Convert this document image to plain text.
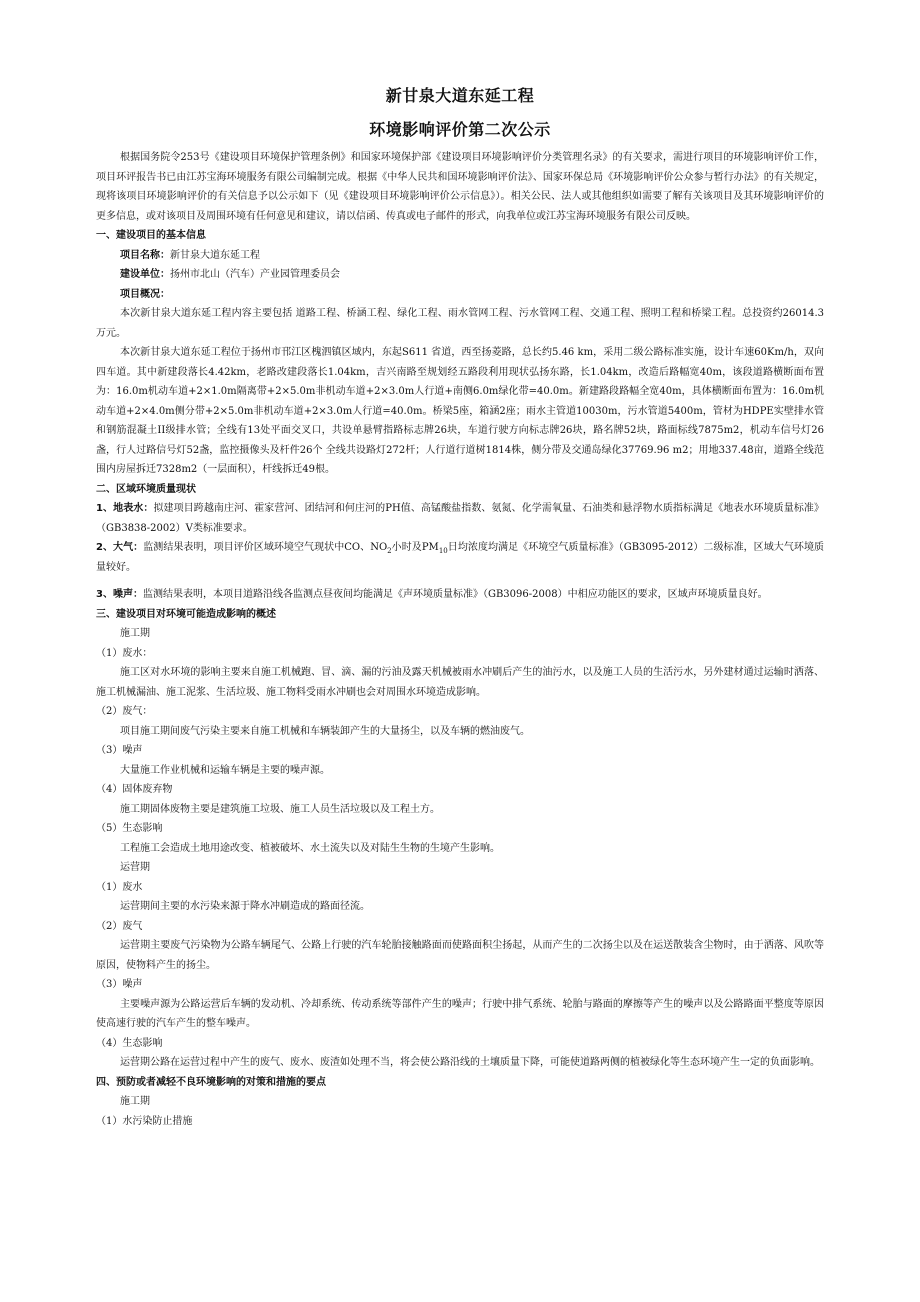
新甘泉大道东延工程
环境影响评价第二次公示

根据国务院令253号《建设项目环境保护管理条例》和国家环境保护部《建设项目环境影响评价分类管理名录》的有关要求，需进行项目的环境影响评价工作，项目环评报告书已由江苏宝海环境服务有限公司编制完成。根据《中华人民共和国环境影响评价法》、国家环保总局《环境影响评价公众参与暂行办法》的有关规定，现将该项目环境影响评价的有关信息予以公示如下（见《建设项目环境影响评价公示信息》）。相关公民、法人或其他组织如需要了解有关该项目及其环境影响评价的更多信息，或对该项目及周围环境有任何意见和建议，请以信函、传真或电子邮件的形式，向我单位或江苏宝海环境服务有限公司反映。

一、建设项目的基本信息

项目名称：新甘泉大道东延工程

建设单位：扬州市北山（汽车）产业园管理委员会

项目概况：

本次新甘泉大道东延工程内容主要包括 道路工程、桥涵工程、绿化工程、雨水管网工程、污水管网工程、交通工程、照明工程和桥梁工程。总投资约26014.3万元。

本次新甘泉大道东延工程位于扬州市邗江区槐泗镇区域内，东起S611 省道，西至扬菱路，总长约5.46 km，采用二级公路标准实施，设计车速60Km/h，双向四车道。其中新建段落长4.42km，老路改建段落长1.04km，吉兴南路至规划经五路段利用现状弘扬东路，长1.04km，改造后路幅宽40m，该段道路横断面布置为：16.0m机动车道+2×1.0m隔离带+2×5.0m非机动车道+2×3.0m人行道+南侧6.0m绿化带=40.0m。新建路段路幅全宽40m，具体横断面布置为：16.0m机动车道+2×4.0m侧分带+2×5.0m非机动车道+2×3.0m人行道=40.0m。桥梁5座，箱涵2座；雨水主管道10030m，污水管道5400m，管材为HDPE实壁排水管和钢筋混凝土II级排水管；全线有13处平面交叉口，共设单悬臂指路标志牌26块，车道行驶方向标志牌26块，路名牌52块，路面标线7875m2，机动车信号灯26盏，行人过路信号灯52盏，监控摄像头及杆件26个 全线共设路灯272杆；人行道行道树1814株，侧分带及交通岛绿化37769.96 m2；用地337.48亩，道路全线范围内房屋拆迁7328m2（一层面积），杆线拆迁49根。

二、区域环境质量现状

1、地表水：拟建项目跨越南庄河、霍家营河、团结河和何庄河的PH值、高锰酸盐指数、氨氮、化学需氧量、石油类和悬浮物水质指标满足《地表水环境质量标准》（GB3838-2002）V类标准要求。

2、大气：监测结果表明，项目评价区域环境空气现状中CO、$NO_2$小时及$PM_{10}$日均浓度均满足《环境空气质量标准》（GB3095-2012）二级标准，区域大气环境质量较好。

3、噪声：监测结果表明，本项目道路沿线各监测点昼夜间均能满足《声环境质量标准》（GB3096-2008）中相应功能区的要求，区域声环境质量良好。

三、建设项目对环境可能造成影响的概述

施工期

（1）废水：

施工区对水环境的影响主要来自施工机械跑、冒、滴、漏的污油及露天机械被雨水冲刷后产生的油污水，以及施工人员的生活污水，另外建材通过运输时洒落、施工机械漏油、施工泥浆、生活垃圾、施工物料受雨水冲刷也会对周围水环境造成影响。

（2）废气：

项目施工期间废气污染主要来自施工机械和车辆装卸产生的大量扬尘，以及车辆的燃油废气。

（3）噪声

大量施工作业机械和运输车辆是主要的噪声源。

（4）固体废弃物

施工期固体废物主要是建筑施工垃圾、施工人员生活垃圾以及工程土方。

（5）生态影响

工程施工会造成土地用途改变、植被破坏、水土流失以及对陆生生物的生境产生影响。

运营期

（1）废水

运营期间主要的水污染来源于降水冲刷造成的路面径流。

（2）废气

运营期主要废气污染物为公路车辆尾气、公路上行驶的汽车轮胎接触路面而使路面积尘扬起，从而产生的二次扬尘以及在运送散装含尘物时，由于洒落、风吹等原因，使物料产生的扬尘。

（3）噪声

主要噪声源为公路运营后车辆的发动机、冷却系统、传动系统等部件产生的噪声；行驶中排气系统、轮胎与路面的摩擦等产生的噪声以及公路路面平整度等原因使高速行驶的汽车产生的整车噪声。

（4）生态影响

运营期公路在运营过程中产生的废气、废水、废渣如处理不当，将会使公路沿线的土壤质量下降，可能使道路两侧的植被绿化等生态环境产生一定的负面影响。

四、预防或者减轻不良环境影响的对策和措施的要点

施工期

（1）水污染防止措施
